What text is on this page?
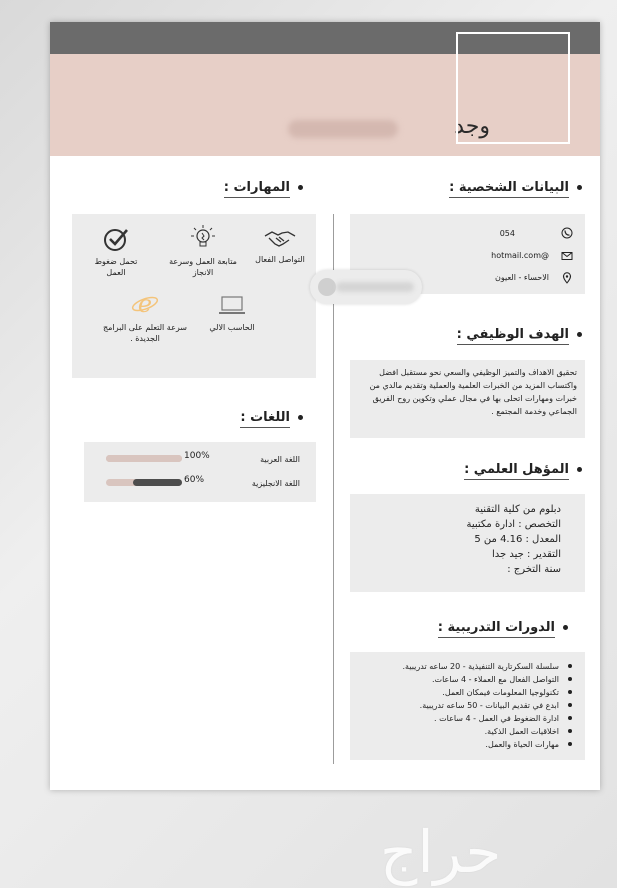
وجد
البيانات الشخصية :
054
@hotmail.com
الاحساء - العيون
الهدف الوظيفي :
تحقيق الاهداف والتميز الوظيفي والسعي نحو مستقبل افضل واكتساب المزيد من الخبرات العلمية والعملية وتقديم مالدي من خبرات ومهارات اتحلى بها في مجال عملي وتكوين روح الفريق الجماعي وخدمة المجتمع .
المؤهل العلمي :
دبلوم من كلية التقنية
التخصص : ادارة مكتبية
المعدل : 4.16 من 5
التقدير : جيد جدا
سنة التخرج :
الدورات التدريبية :
سلسلة السكرتارية التنفيذية - 20 ساعه تدريبية.
التواصل الفعال مع العملاء - 4 ساعات.
تكنولوجيا المعلومات فيمكان العمل.
ابدع في تقديم البيانات - 50 ساعه تدريبية.
ادارة الضغوط في العمل - 4 ساعات .
اخلاقيات العمل الذكية.
مهارات الحياة والعمل.
المهارات :
التواصل الفعال
متابعة العمل وسرعة الانجاز
تحمل ضغوط العمل
الحاسب الالي
e
سرعة التعلم على البرامج الجديدة .
اللغات :
اللغة العربية
100%
اللغة الانجليزية
60%
حراج
